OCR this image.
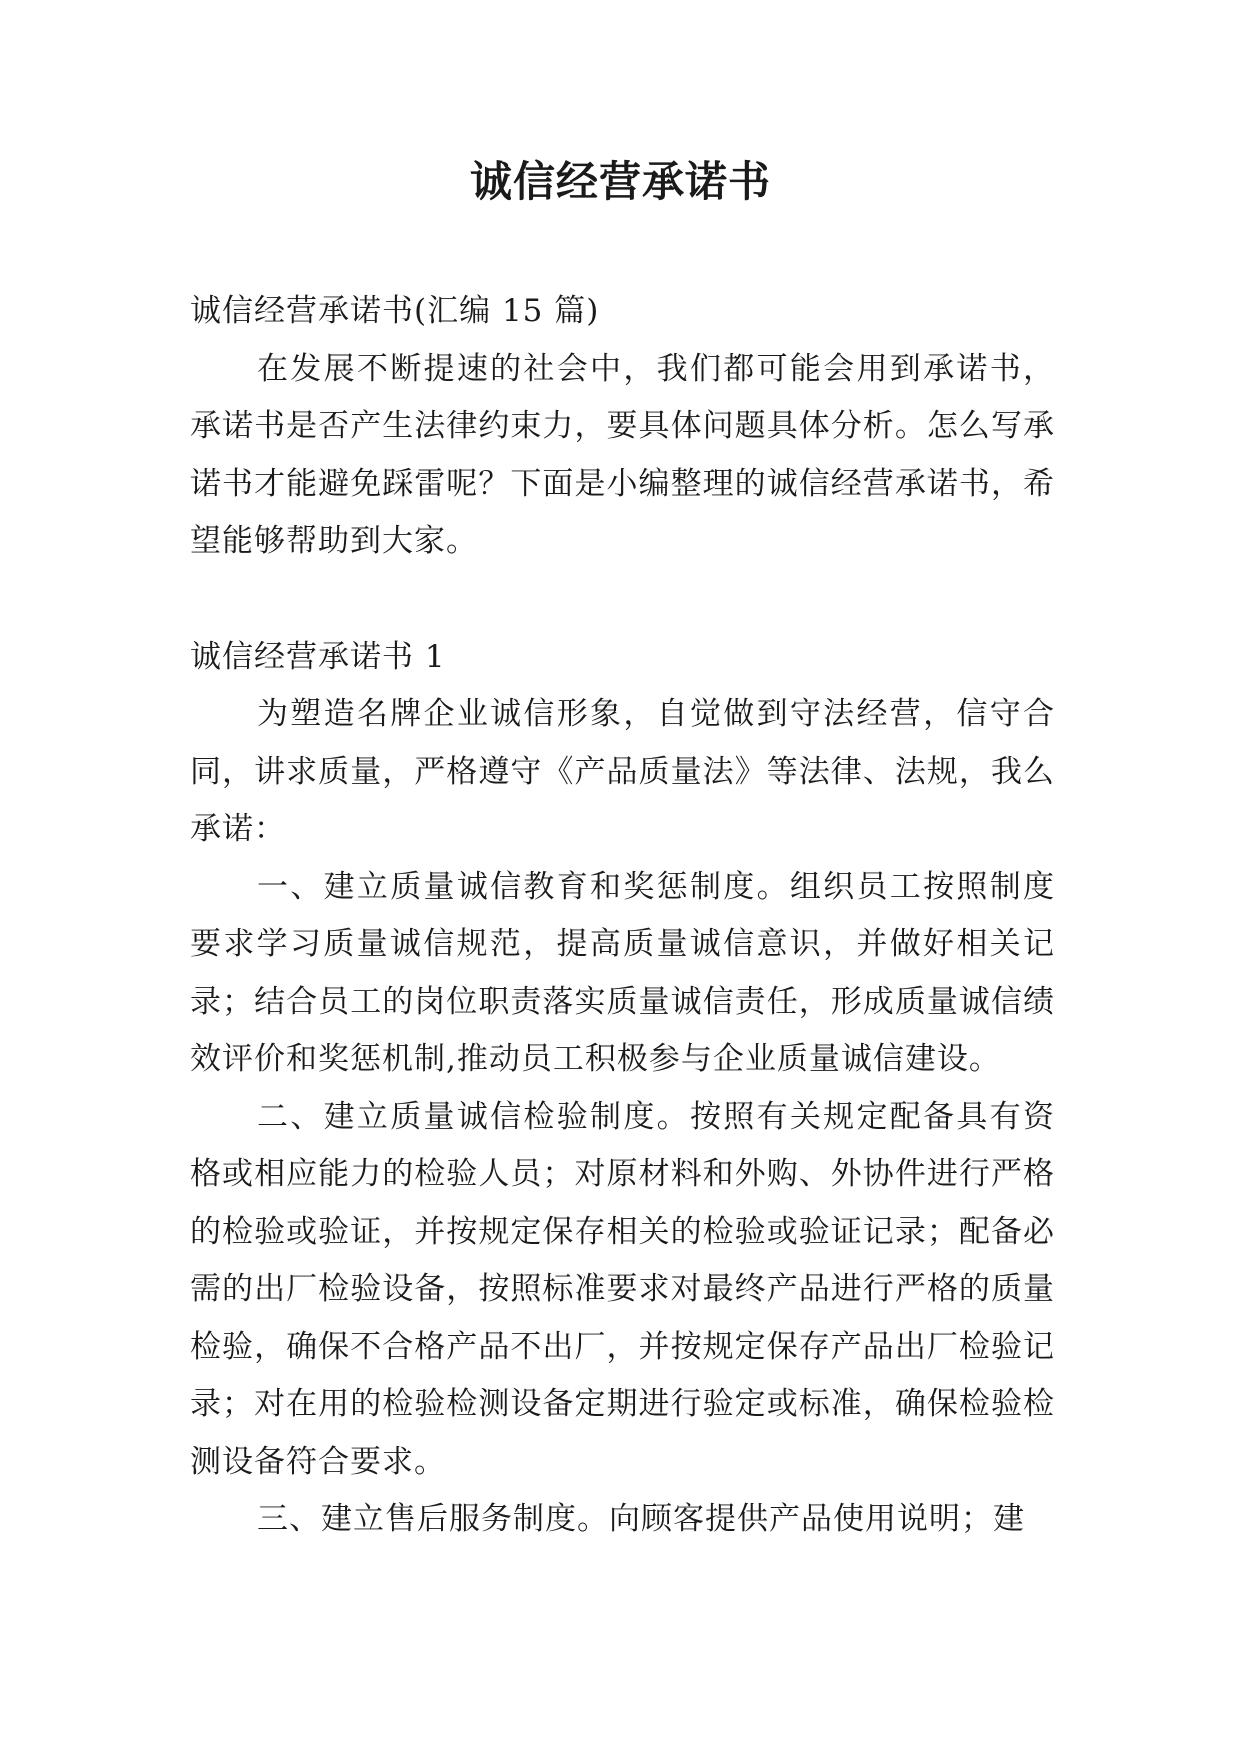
诚信经营承诺书

诚信经营承诺书(汇编 15 篇)

在发展不断提速的社会中，我们都可能会用到承诺书，承诺书是否产生法律约束力，要具体问题具体分析。怎么写承诺书才能避免踩雷呢？下面是小编整理的诚信经营承诺书，希望能够帮助到大家。

诚信经营承诺书 1

为塑造名牌企业诚信形象，自觉做到守法经营，信守合同，讲求质量，严格遵守《产品质量法》等法律、法规，我么承诺：

一、建立质量诚信教育和奖惩制度。组织员工按照制度要求学习质量诚信规范，提高质量诚信意识，并做好相关记录；结合员工的岗位职责落实质量诚信责任，形成质量诚信绩效评价和奖惩机制,推动员工积极参与企业质量诚信建设。

二、建立质量诚信检验制度。按照有关规定配备具有资格或相应能力的检验人员；对原材料和外购、外协件进行严格的检验或验证，并按规定保存相关的检验或验证记录；配备必需的出厂检验设备，按照标准要求对最终产品进行严格的质量检验，确保不合格产品不出厂，并按规定保存产品出厂检验记录；对在用的检验检测设备定期进行验定或标准，确保检验检测设备符合要求。

三、建立售后服务制度。向顾客提供产品使用说明；建
